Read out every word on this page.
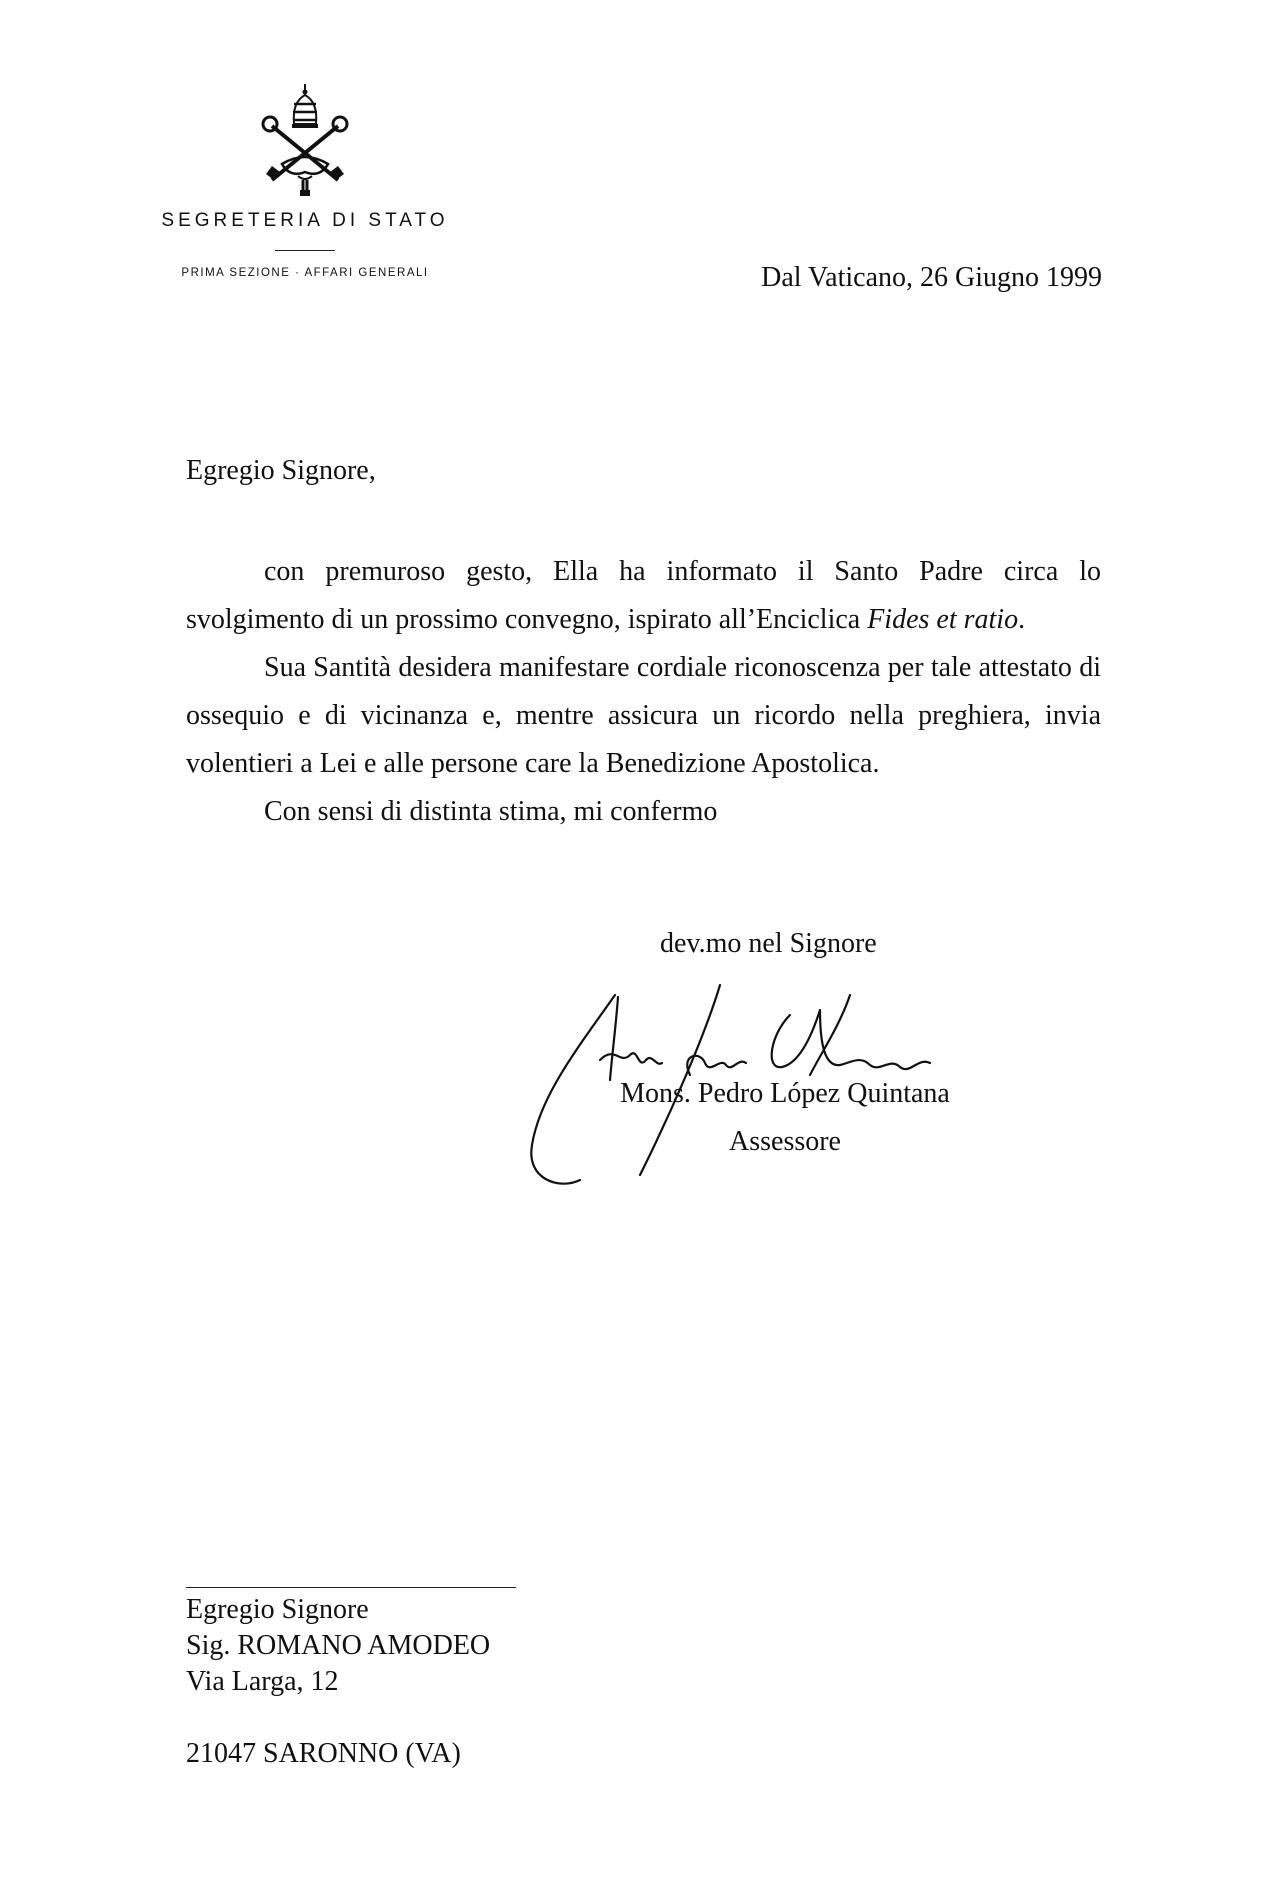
SEGRETERIA DI STATO
PRIMA SEZIONE · AFFARI GENERALI	Dal Vaticano, 26 Giugno 1999
Egregio Signore,

con premuroso gesto, Ella ha informato il Santo Padre circa lo svolgimento di un prossimo convegno, ispirato all’Enciclica Fides et ratio.

Sua Santità desidera manifestare cordiale riconoscenza per tale attestato di ossequio e di vicinanza e, mentre assicura un ricordo nella preghiera, invia volentieri a Lei e alle persone care la Benedizione Apostolica.

Con sensi di distinta stima, mi confermo

dev.mo nel Signore
Mons. Pedro López Quintana
Assessore
Egregio Signore
Sig. ROMANO AMODEO
Via Larga, 12
21047 SARONNO (VA)
